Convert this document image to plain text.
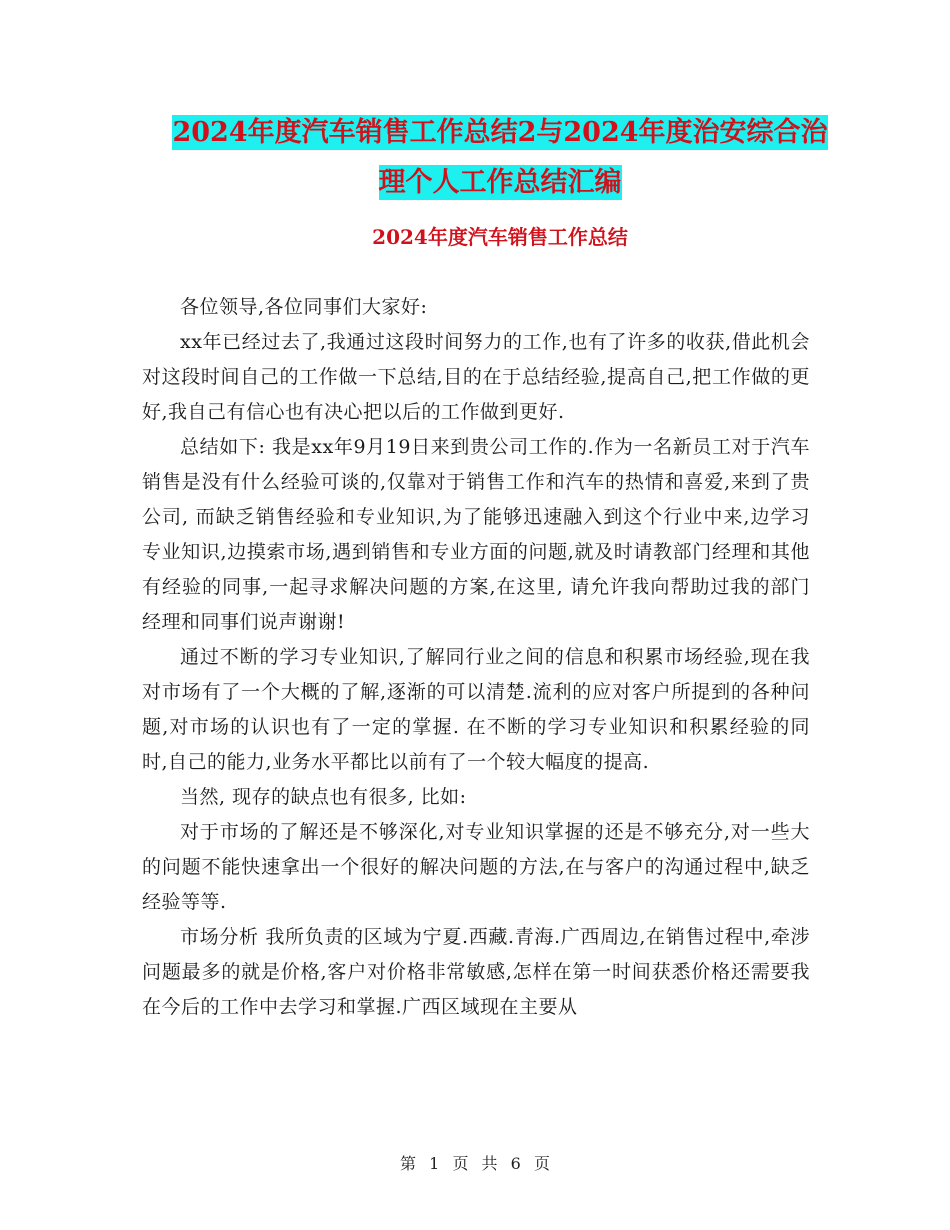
2024年度汽车销售工作总结2与2024年度治安综合治
理个人工作总结汇编
2024年度汽车销售工作总结

各位领导,各位同事们大家好:

xx年已经过去了,我通过这段时间努力的工作,也有了许多的收获,借此机会对这段时间自己的工作做一下总结,目的在于总结经验,提高自己,把工作做的更好,我自己有信心也有决心把以后的工作做到更好.

总结如下: 我是xx年9月19日来到贵公司工作的.作为一名新员工对于汽车销售是没有什么经验可谈的,仅靠对于销售工作和汽车的热情和喜爱,来到了贵公司, 而缺乏销售经验和专业知识,为了能够迅速融入到这个行业中来,边学习专业知识,边摸索市场,遇到销售和专业方面的问题,就及时请教部门经理和其他有经验的同事,一起寻求解决问题的方案,在这里, 请允许我向帮助过我的部门经理和同事们说声谢谢!

通过不断的学习专业知识,了解同行业之间的信息和积累市场经验,现在我对市场有了一个大概的了解,逐渐的可以清楚.流利的应对客户所提到的各种问题,对市场的认识也有了一定的掌握. 在不断的学习专业知识和积累经验的同时,自己的能力,业务水平都比以前有了一个较大幅度的提高.

当然, 现存的缺点也有很多, 比如:

对于市场的了解还是不够深化,对专业知识掌握的还是不够充分,对一些大的问题不能快速拿出一个很好的解决问题的方法,在与客户的沟通过程中,缺乏经验等等.

市场分析 我所负责的区域为宁夏.西藏.青海.广西周边,在销售过程中,牵涉问题最多的就是价格,客户对价格非常敏感,怎样在第一时间获悉价格还需要我在今后的工作中去学习和掌握.广西区域现在主要从

第 1 页 共 6 页
